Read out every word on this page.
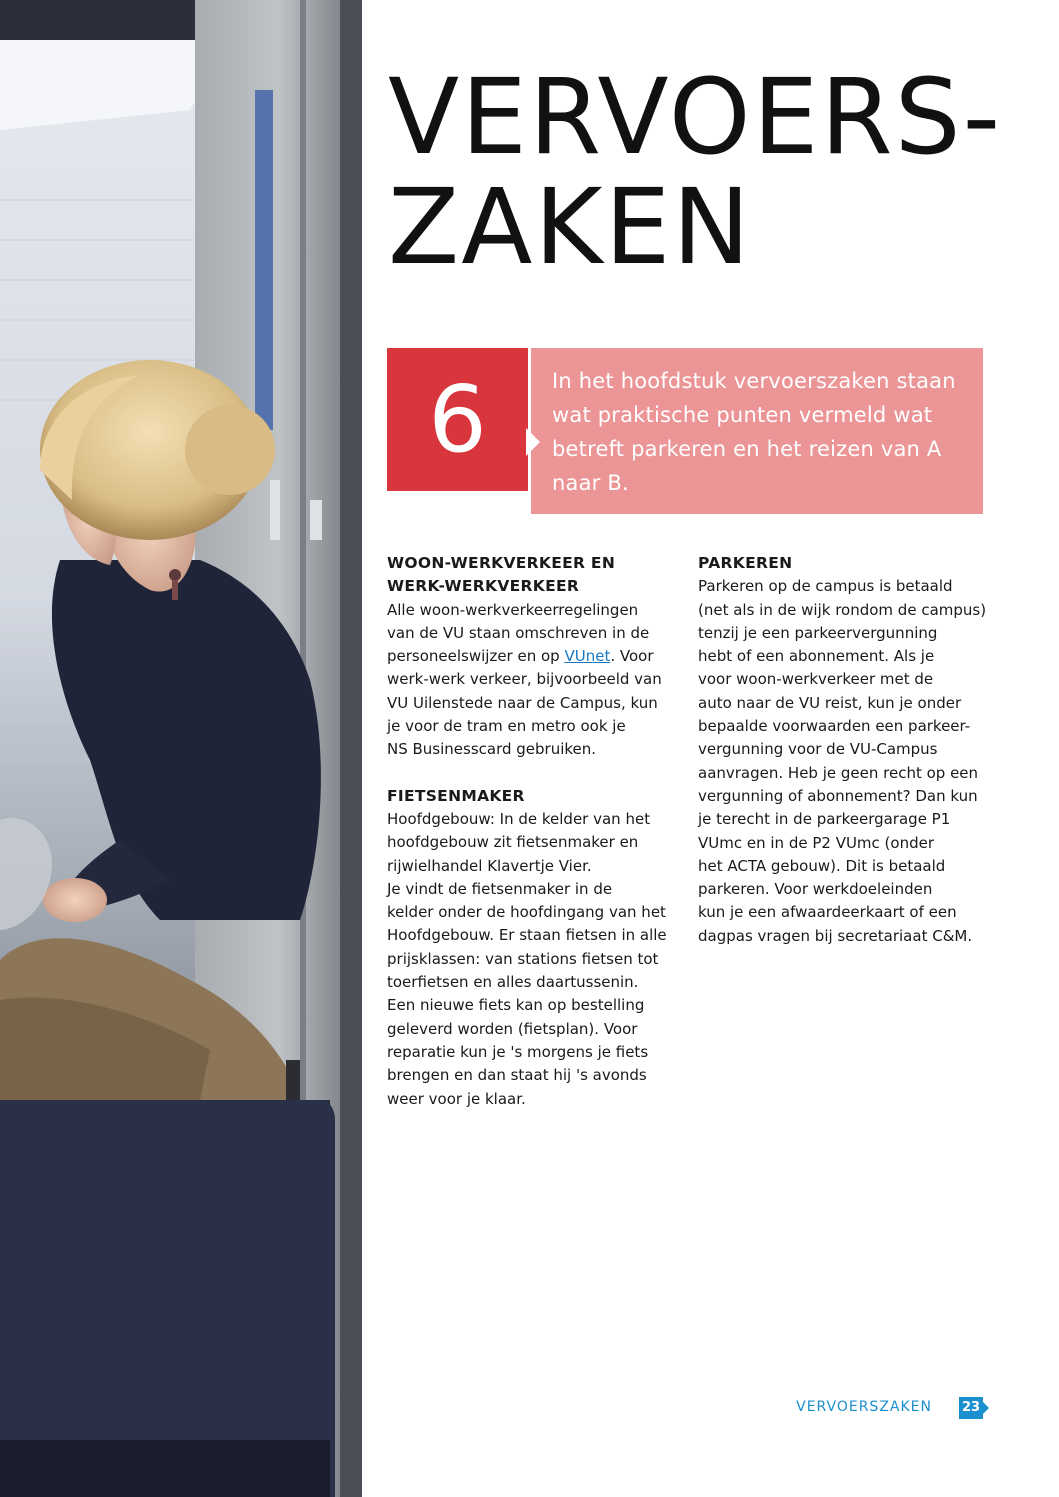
VERVOERS-
ZAKEN
6	In het hoofdstuk vervoerszaken staan wat praktische punten vermeld wat betreft parkeren en het reizen van A naar B.

WOON-WERKVERKEER EN
WERK-WERKVERKEER

Alle woon-werkverkeerregelingen
van de VU staan omschreven in de
personeelswijzer en op VUnet. Voor
werk-werk verkeer, bijvoorbeeld van
VU Uilenstede naar de Campus, kun
je voor de tram en metro ook je
NS Businesscard gebruiken.

FIETSENMAKER

Hoofdgebouw: In de kelder van het
hoofdgebouw zit fietsenmaker en
rijwielhandel Klavertje Vier.
Je vindt de fietsenmaker in de
kelder onder de hoofdingang van het
Hoofdgebouw. Er staan fietsen in alle
prijsklassen: van stations fietsen tot
toerfietsen en alles daartussenin.
Een nieuwe fiets kan op bestelling
geleverd worden (fietsplan). Voor
reparatie kun je 's morgens je fiets
brengen en dan staat hij 's avonds
weer voor je klaar.

PARKEREN

Parkeren op de campus is betaald
(net als in de wijk rondom de campus)
tenzij je een parkeervergunning
hebt of een abonnement. Als je
voor woon-werkverkeer met de
auto naar de VU reist, kun je onder
bepaalde voorwaarden een parkeer-
vergunning voor de VU-Campus
aanvragen. Heb je geen recht op een
vergunning of abonnement? Dan kun
je terecht in de parkeergarage P1
VUmc en in de P2 VUmc (onder
het ACTA gebouw). Dit is betaald
parkeren. Voor werkdoeleinden
kun je een afwaardeerkaart of een
dagpas vragen bij secretariaat C&M.

VERVOERSZAKEN 23
